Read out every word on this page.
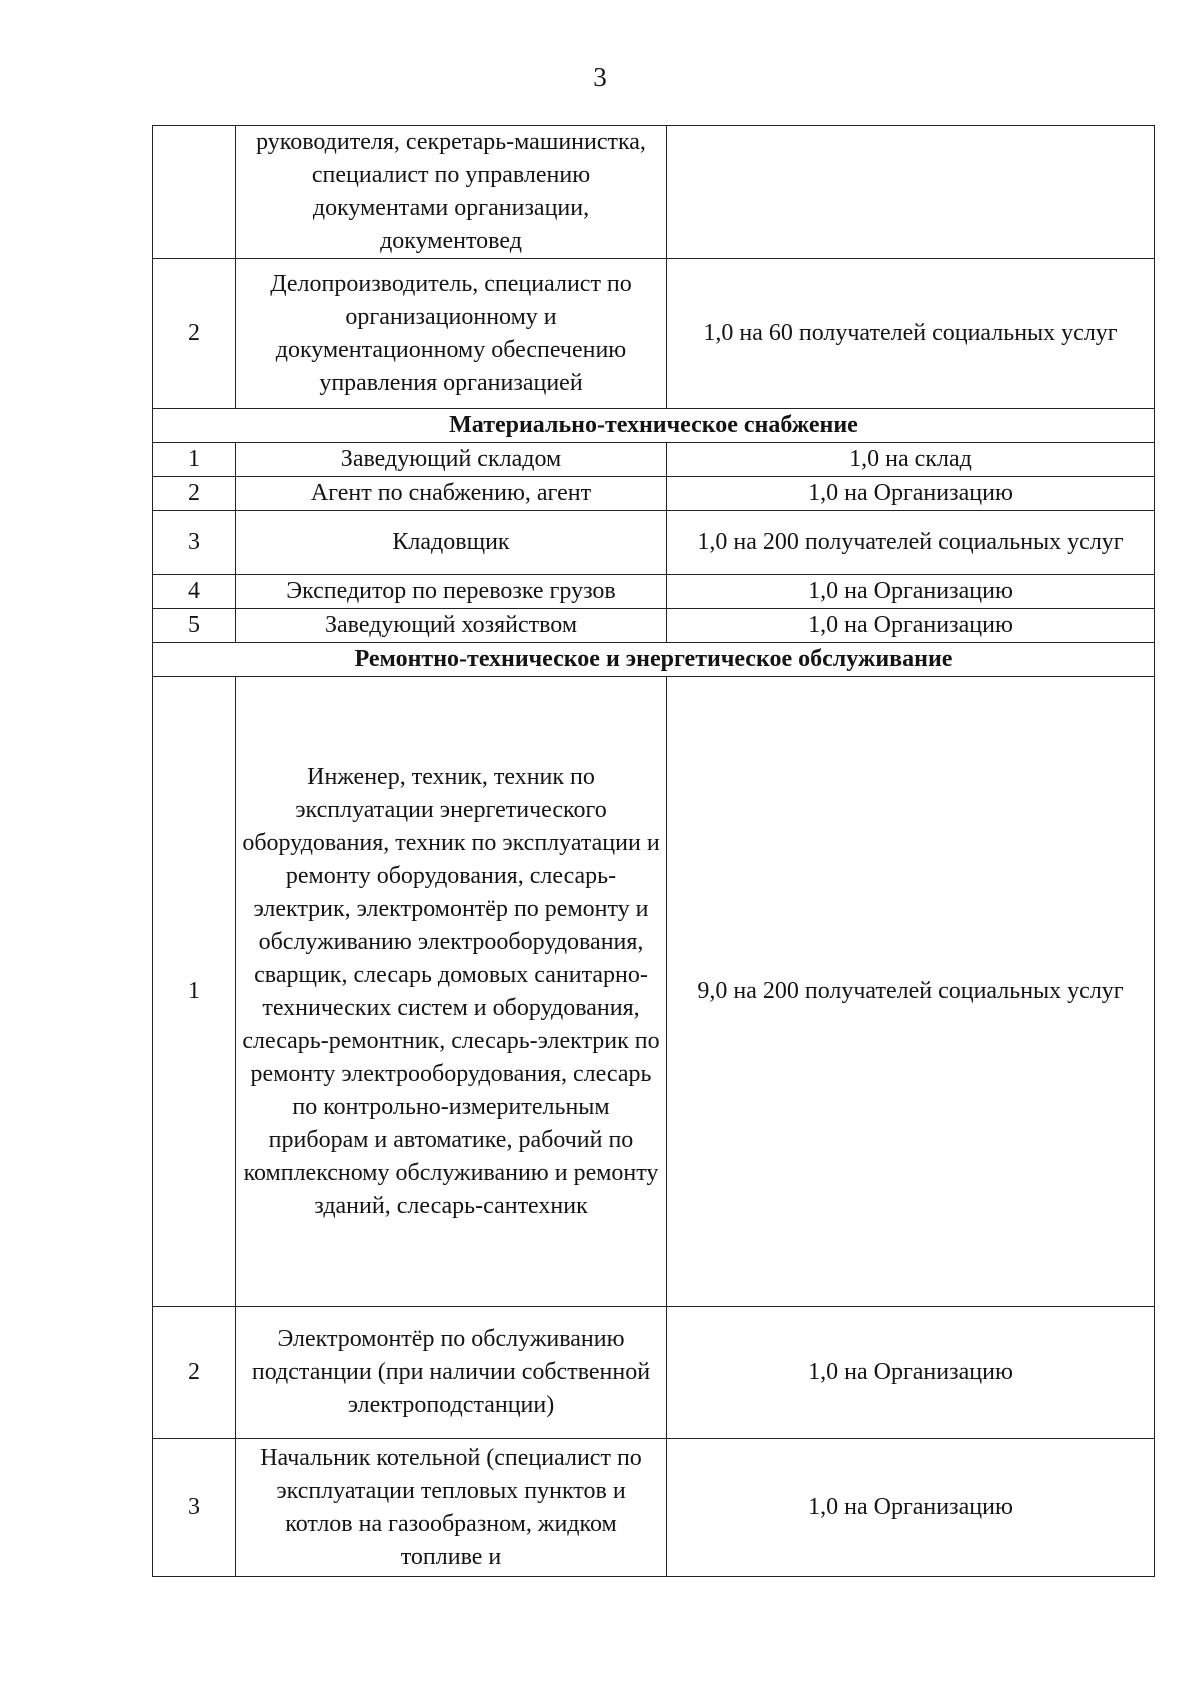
3
	руководителя, секретарь-машинистка, специалист по управлению документами организации, документовед	
2	Делопроизводитель, специалист по организационному и документационному обеспечению управления организацией	1,0 на 60 получателей социальных услуг
Материально-техническое снабжение		
1	Заведующий складом	1,0 на склад
2	Агент по снабжению, агент	1,0 на Организацию
3	Кладовщик	1,0 на 200 получателей социальных услуг
4	Экспедитор по перевозке грузов	1,0 на Организацию
5	Заведующий хозяйством	1,0 на Организацию
Ремонтно-техническое и энергетическое обслуживание		
1	Инженер, техник, техник по эксплуатации энергетического оборудования, техник по эксплуатации и ремонту оборудования, слесарь-электрик, электромонтёр по ремонту и обслуживанию электрооборудования, сварщик, слесарь домовых санитарно-технических систем и оборудования, слесарь-ремонтник, слесарь-электрик по ремонту электрооборудования, слесарь по контрольно-измерительным приборам и автоматике, рабочий по комплексному обслуживанию и ремонту зданий, слесарь-сантехник	9,0 на 200 получателей социальных услуг
2	Электромонтёр по обслуживанию подстанции (при наличии собственной электроподстанции)	1,0 на Организацию
3	Начальник котельной (специалист по эксплуатации тепловых пунктов и котлов на газообразном, жидком топливе и	1,0 на Организацию
